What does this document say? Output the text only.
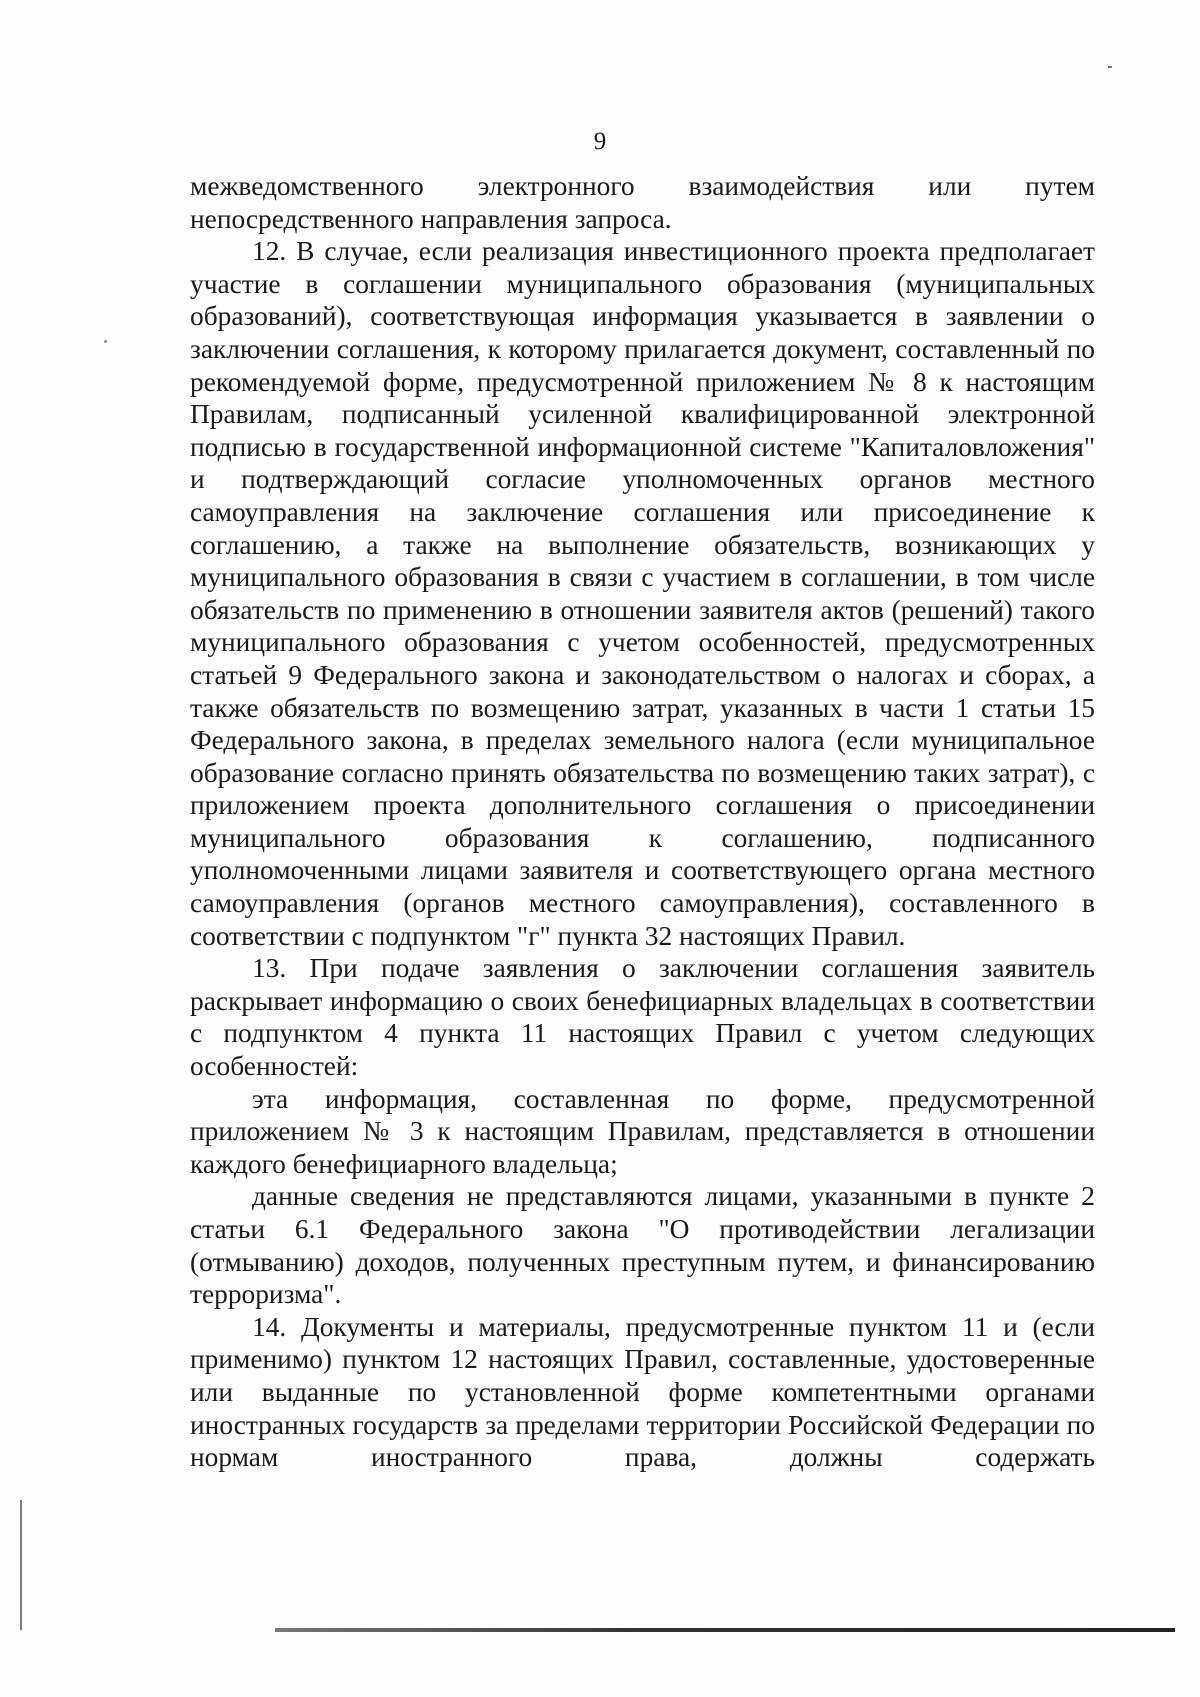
9

межведомственного электронного взаимодействия или путем непосредственного направления запроса.

12. В случае, если реализация инвестиционного проекта предполагает участие в соглашении муниципального образования (муниципальных образований), соответствующая информация указывается в заявлении о заключении соглашения, к которому прилагается документ, составленный по рекомендуемой форме, предусмотренной приложением № 8 к настоящим Правилам, подписанный усиленной квалифицированной электронной подписью в государственной информационной системе "Капиталовложения" и подтверждающий согласие уполномоченных органов местного самоуправления на заключение соглашения или присоединение к соглашению, а также на выполнение обязательств, возникающих у муниципального образования в связи с участием в соглашении, в том числе обязательств по применению в отношении заявителя актов (решений) такого муниципального образования с учетом особенностей, предусмотренных статьей 9 Федерального закона и законодательством о налогах и сборах, а также обязательств по возмещению затрат, указанных в части 1 статьи 15 Федерального закона, в пределах земельного налога (если муниципальное образование согласно принять обязательства по возмещению таких затрат), с приложением проекта дополнительного соглашения о присоединении муниципального образования к соглашению, подписанного уполномоченными лицами заявителя и соответствующего органа местного самоуправления (органов местного самоуправления), составленного в соответствии с подпунктом "г" пункта 32 настоящих Правил.

13. При подаче заявления о заключении соглашения заявитель раскрывает информацию о своих бенефициарных владельцах в соответствии с подпунктом 4 пункта 11 настоящих Правил с учетом следующих особенностей:

эта информация, составленная по форме, предусмотренной приложением № 3 к настоящим Правилам, представляется в отношении каждого бенефициарного владельца;

данные сведения не представляются лицами, указанными в пункте 2 статьи 6.1 Федерального закона "О противодействии легализации (отмыванию) доходов, полученных преступным путем, и финансированию терроризма".

14. Документы и материалы, предусмотренные пунктом 11 и (если применимо) пунктом 12 настоящих Правил, составленные, удостоверенные или выданные по установленной форме компетентными органами иностранных государств за пределами территории Российской Федерации по нормам иностранного права, должны содержать
